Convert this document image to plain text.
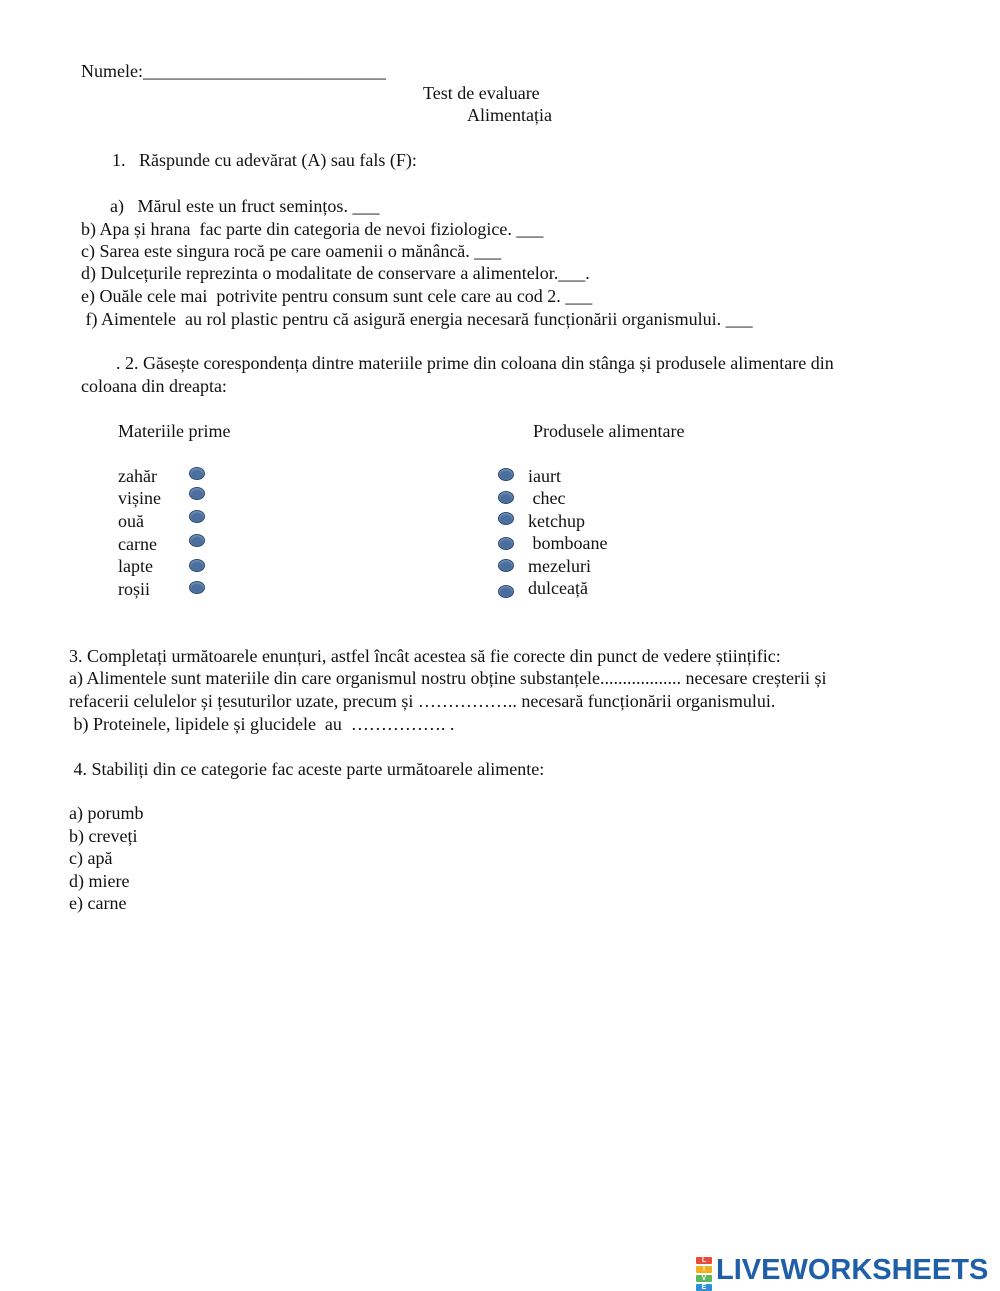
Numele:___________________________
Test de evaluare
Alimentația
1.   Răspunde cu adevărat (A) sau fals (F):
a)   Mărul este un fruct semințos. ___
b) Apa și hrana  fac parte din categoria de nevoi fiziologice. ___
c) Sarea este singura rocă pe care oamenii o mănâncă. ___
d) Dulcețurile reprezinta o modalitate de conservare a alimentelor.___.
e) Ouăle cele mai  potrivite pentru consum sunt cele care au cod 2. ___
f) Aimentele  au rol plastic pentru că asigură energia necesară funcționării organismului. ___
. 2. Găsește corespondența dintre materiile prime din coloana din stânga și produsele alimentare din
coloana din dreapta:
Materiile prime	Produsele alimentare
zahăr
vișine
ouă
carne
lapte
roșii
iaurt
chec
ketchup
bomboane
mezeluri
dulceață
3. Completați următoarele enunțuri, astfel încât acestea să fie corecte din punct de vedere științific:
a) Alimentele sunt materiile din care organismul nostru obține substanțele.................. necesare creșterii și
refacerii celulelor și țesuturilor uzate, precum și …………….. necesară funcționării organismului.
b) Proteinele, lipidele și glucidele  au  ……………. .
4. Stabiliți din ce categorie fac aceste parte următoarele alimente:
a) porumb
b) creveți
c) apă
d) miere
e) carne
L
I
V
E
LIVEWORKSHEETS
